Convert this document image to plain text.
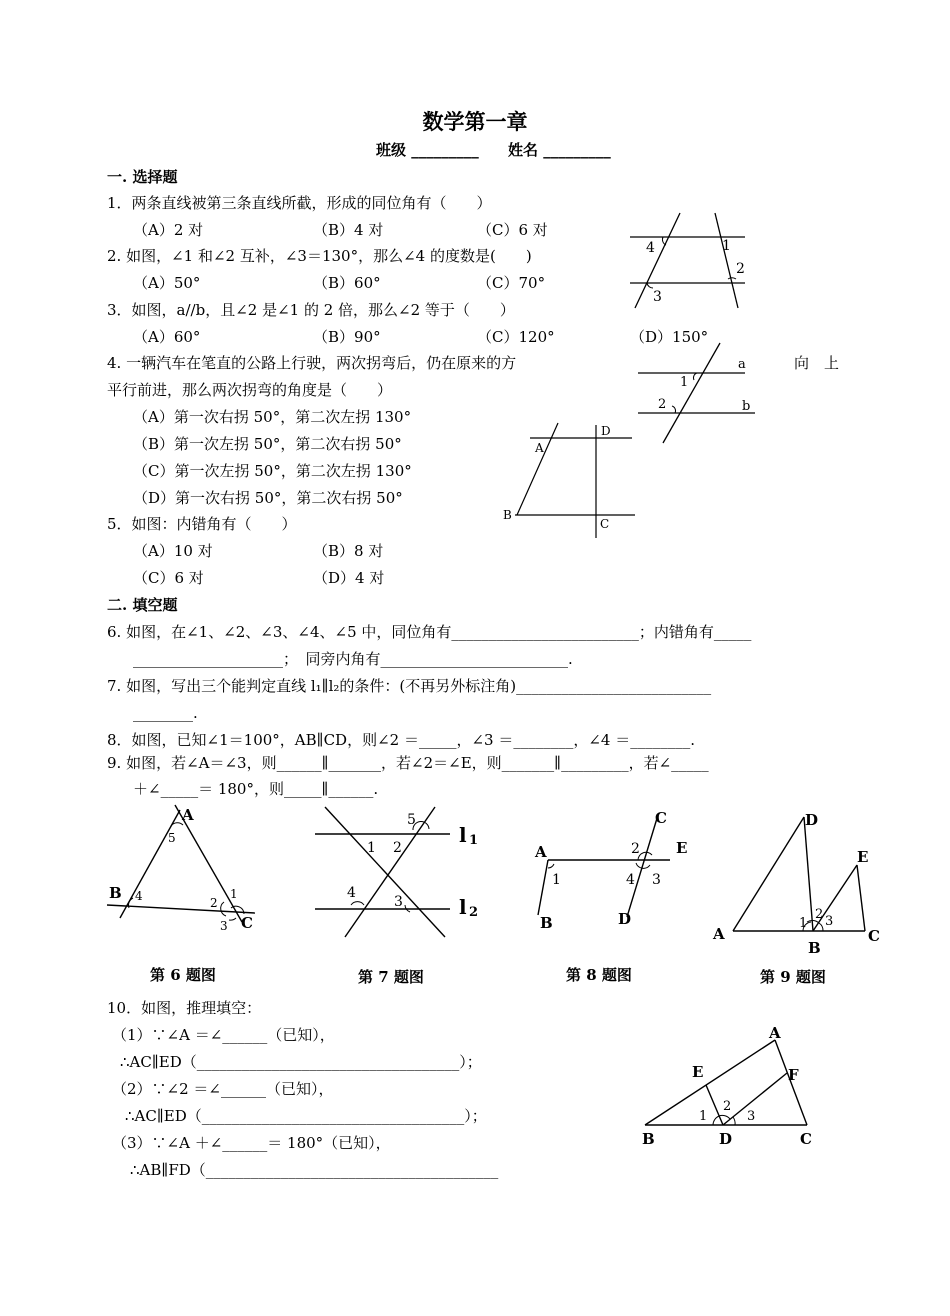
数学第一章
班级 _________ 姓名 _________
一. 选择题
1．两条直线被第三条直线所截，形成的同位角有（　　）
（A）2 对	（B）4 对	（C）6 对
2. 如图，∠1 和∠2 互补，∠3＝130°，那么∠4 的度数是(　　)
（A）50°	（B）60°	（C）70°
3．如图，a//b，且∠2 是∠1 的 2 倍，那么∠2 等于（　　）
（A）60°	（B）90°	（C）120°	（D）150°
4. 一辆汽车在笔直的公路上行驶，两次拐弯后，仍在原来的方	向　上
平行前进，那么两次拐弯的角度是（　　）
（A）第一次右拐 50°，第二次左拐 130°
（B）第一次左拐 50°，第二次右拐 50°
（C）第一次左拐 50°，第二次左拐 130°
（D）第一次右拐 50°，第二次右拐 50°
5．如图：内错角有（　　）
（A）10 对	（B）8 对
（C）6 对	（D）4 对
二. 填空题
6. 如图，在∠1、∠2、∠3、∠4、∠5 中，同位角有_________________________；内错角有_____
____________________；　同旁内角有_________________________.
7. 如图，写出三个能判定直线 l₁∥l₂的条件：(不再另外标注角)__________________________
________.
8．如图，已知∠1＝100°，AB∥CD，则∠2 ＝_____，∠3 ＝________，∠4 ＝________.
9. 如图，若∠A＝∠3，则______∥_______，若∠2＝∠E，则_______∥_________，若∠_____
＋∠_____＝ 180°，则_____∥______.
第 6 题图	第 7 题图	第 8 题图	第 9 题图
10．如图，推理填空：
（1）∵∠A ＝∠______（已知），
∴AC∥ED（___________________________________）；
（2）∵∠2 ＝∠______（已知），
∴AC∥ED（___________________________________）；
（3）∵∠A ＋∠______＝ 180°（已知），
∴AB∥FD（_______________________________________
4	1
2
3
a
b
1
2
A
D
B
C
A
5
B 4	2
1
3 C
5
1 2
l 1
4
3	l 2
C
E
A	2
1	4 3
B	D
D
E
A
2
1 3
B
C
A
E	F
2
1	3
B	D	C
